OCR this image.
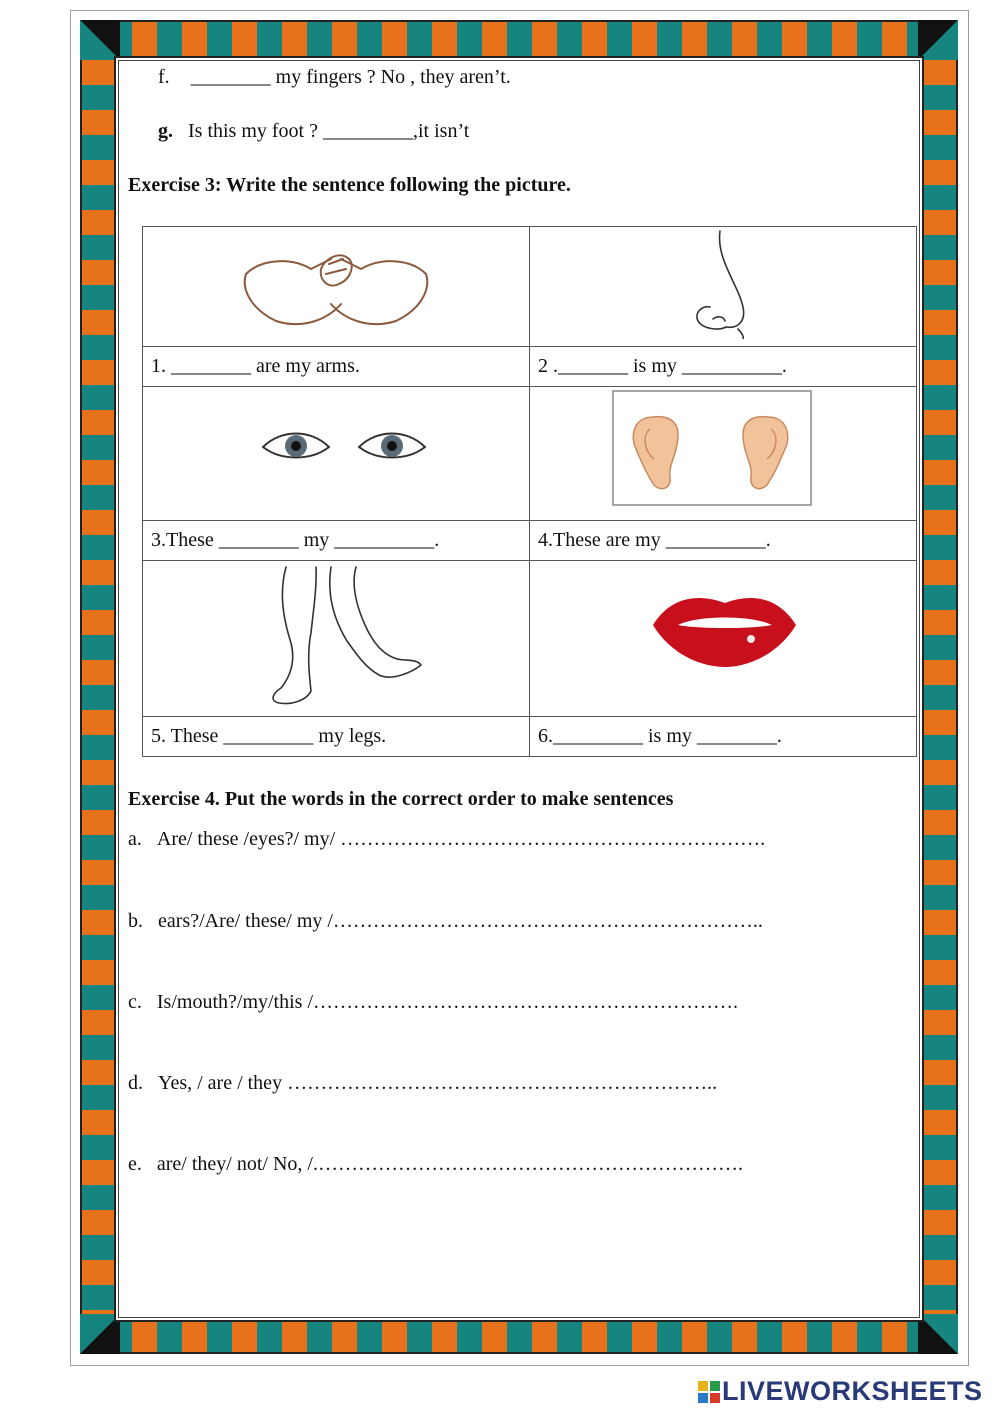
f. ________ my fingers ? No , they aren’t.
g. Is this my foot ? _________,it isn’t
Exercise 3: Write the sentence following the picture.

1. ________ are my arms.	2 ._______ is my __________.

3.These ________ my __________.	4.These are my __________.

5. These _________ my legs.	6._________ is my ________.
Exercise 4. Put the words in the correct order to make sentences
a. Are/ these /eyes?/ my/ ……………………………………………………….
b. ears?/Are/ these/ my /………………………………………………………..
c. Is/mouth?/my/this /……………………………………………………….
d. Yes, / are / they ………………………………………………………..
e. are/ they/ not/ No, /.……………………………………………………….
LIVEWORKSHEETS
